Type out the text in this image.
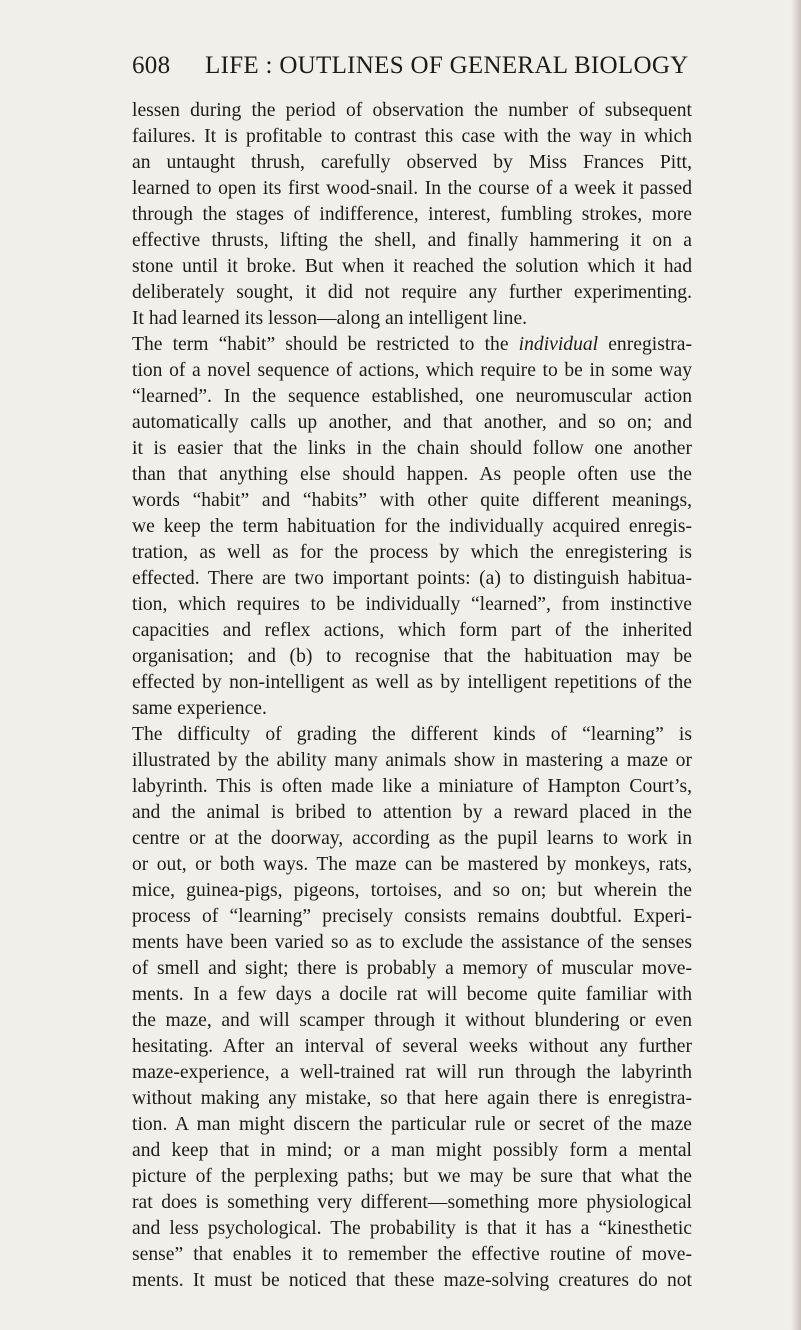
608 LIFE : OUTLINES OF GENERAL BIOLOGY
lessen during the period of observation the number of subsequent
failures. It is profitable to contrast this case with the way in which
an untaught thrush, carefully observed by Miss Frances Pitt,
learned to open its first wood-snail. In the course of a week it passed
through the stages of indifference, interest, fumbling strokes, more
effective thrusts, lifting the shell, and finally hammering it on a
stone until it broke. But when it reached the solution which it had
deliberately sought, it did not require any further experimenting.
It had learned its lesson—along an intelligent line.
The term “habit” should be restricted to the individual enregistra-
tion of a novel sequence of actions, which require to be in some way
“learned”. In the sequence established, one neuromuscular action
automatically calls up another, and that another, and so on; and
it is easier that the links in the chain should follow one another
than that anything else should happen. As people often use the
words “habit” and “habits” with other quite different meanings,
we keep the term habituation for the individually acquired enregis-
tration, as well as for the process by which the enregistering is
effected. There are two important points: (a) to distinguish habitua-
tion, which requires to be individually “learned”, from instinctive
capacities and reflex actions, which form part of the inherited
organisation; and (b) to recognise that the habituation may be
effected by non-intelligent as well as by intelligent repetitions of the
same experience.
The difficulty of grading the different kinds of “learning” is
illustrated by the ability many animals show in mastering a maze or
labyrinth. This is often made like a miniature of Hampton Court’s,
and the animal is bribed to attention by a reward placed in the
centre or at the doorway, according as the pupil learns to work in
or out, or both ways. The maze can be mastered by monkeys, rats,
mice, guinea-pigs, pigeons, tortoises, and so on; but wherein the
process of “learning” precisely consists remains doubtful. Experi-
ments have been varied so as to exclude the assistance of the senses
of smell and sight; there is probably a memory of muscular move-
ments. In a few days a docile rat will become quite familiar with
the maze, and will scamper through it without blundering or even
hesitating. After an interval of several weeks without any further
maze-experience, a well-trained rat will run through the labyrinth
without making any mistake, so that here again there is enregistra-
tion. A man might discern the particular rule or secret of the maze
and keep that in mind; or a man might possibly form a mental
picture of the perplexing paths; but we may be sure that what the
rat does is something very different—something more physiological
and less psychological. The probability is that it has a “kinesthetic
sense” that enables it to remember the effective routine of move-
ments. It must be noticed that these maze-solving creatures do not
